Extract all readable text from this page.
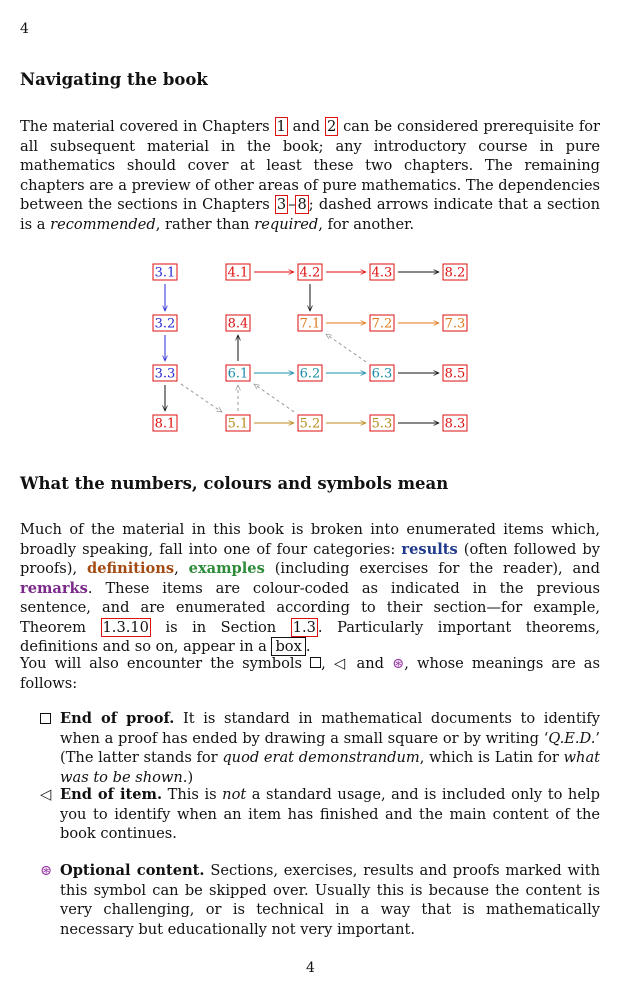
4
Navigating the book

The material covered in Chapters 1 and 2 can be considered prerequisite for all subsequent material in the book; any introductory course in pure mathematics should cover at least these two chapters. The remaining chapters are a preview of other areas of pure mathematics. The dependencies between the sections in Chapters 3 – 8 ; dashed arrows indicate that a section is a recommended, rather than required, for another.

3.1
3.2
3.3
8.1
4.1
8.4
6.1
5.1
4.2
7.1
6.2
5.2
4.3
7.2
6.3
5.3
8.2
7.3
8.5
8.3
What the numbers, colours and symbols mean

Much of the material in this book is broken into enumerated items which, broadly speaking, fall into one of four categories: results (often followed by proofs), definitions, examples (including exercises for the reader), and remarks. These items are colour-coded as indicated in the previous sentence, and are enumerated according to their section—for example, Theorem 1.3.10 is in Section 1.3 . Particularly important theorems, definitions and so on, appear in a box .

You will also encounter the symbols , ◁ and ⊛, whose meanings are as follows:

End of proof. It is standard in mathematical documents to identify when a proof has ended by drawing a small square or by writing ‘Q.E.D.’ (The latter stands for quod erat demonstrandum, which is Latin for what was to be shown.)
◁ End of item. This is not a standard usage, and is included only to help you to identify when an item has finished and the main content of the book continues.
⊛ Optional content. Sections, exercises, results and proofs marked with this symbol can be skipped over. Usually this is because the content is very challenging, or is technical in a way that is mathematically necessary but educationally not very important.
4
